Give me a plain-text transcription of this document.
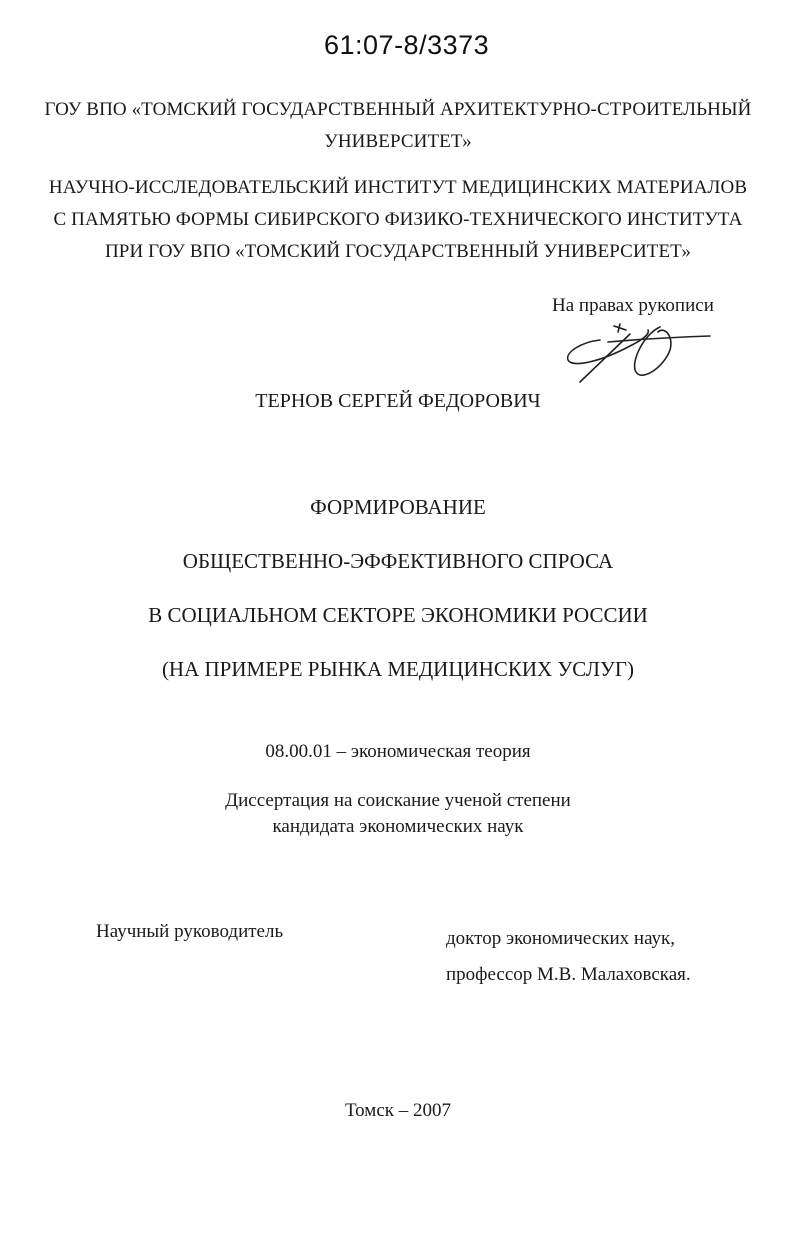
61:07-8/3373
ГОУ ВПО «ТОМСКИЙ ГОСУДАРСТВЕННЫЙ АРХИТЕКТУРНО-СТРОИТЕЛЬНЫЙ
УНИВЕРСИТЕТ»
НАУЧНО-ИССЛЕДОВАТЕЛЬСКИЙ ИНСТИТУТ МЕДИЦИНСКИХ МАТЕРИАЛОВ
С ПАМЯТЬЮ ФОРМЫ СИБИРСКОГО ФИЗИКО-ТЕХНИЧЕСКОГО ИНСТИТУТА
ПРИ ГОУ ВПО «ТОМСКИЙ ГОСУДАРСТВЕННЫЙ УНИВЕРСИТЕТ»
На правах рукописи
ТЕРНОВ СЕРГЕЙ ФЕДОРОВИЧ
ФОРМИРОВАНИЕ
ОБЩЕСТВЕННО-ЭФФЕКТИВНОГО СПРОСА
В СОЦИАЛЬНОМ СЕКТОРЕ ЭКОНОМИКИ РОССИИ
(НА ПРИМЕРЕ РЫНКА МЕДИЦИНСКИХ УСЛУГ)
08.00.01 – экономическая теория
Диссертация на соискание ученой степени
кандидата экономических наук
Научный руководитель	доктор экономических наук,
профессор М.В. Малаховская.
Томск – 2007
